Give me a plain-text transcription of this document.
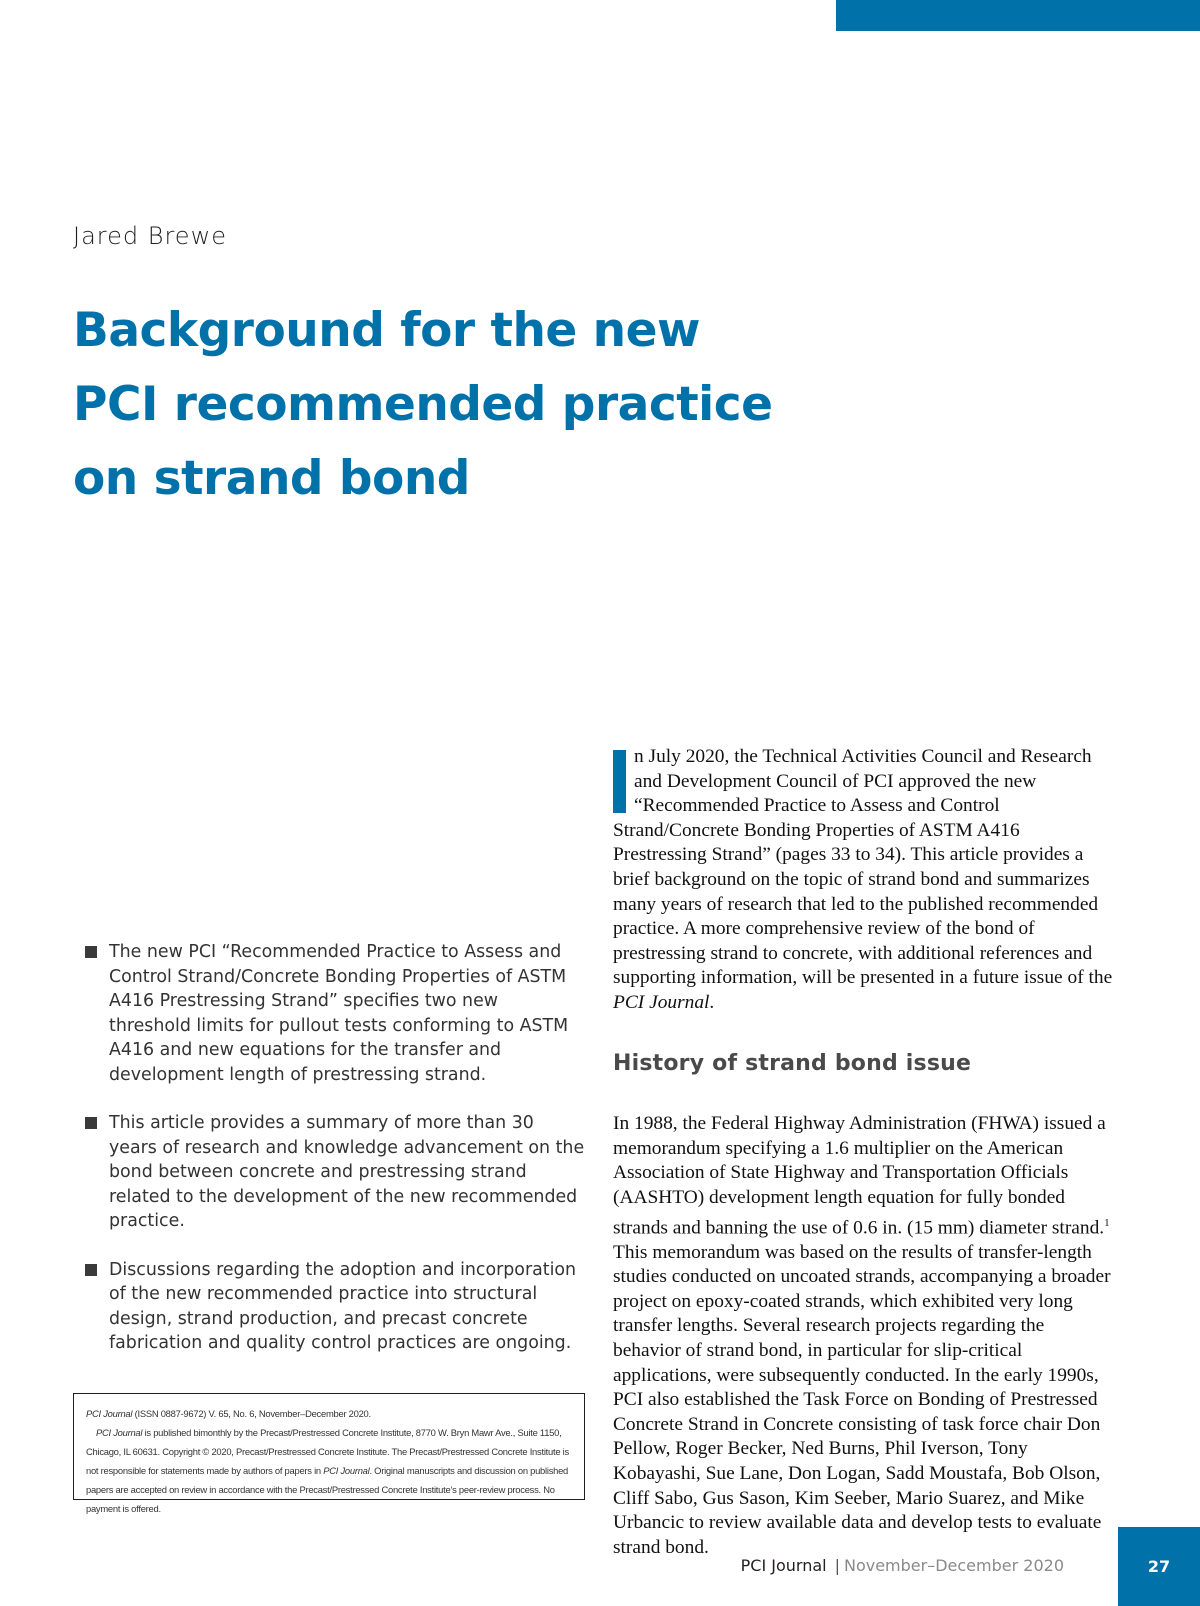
Jared Brewe
Background for the new
PCI recommended practice
on strand bond
The new PCI “Recommended Practice to Assess and Control Strand/Concrete Bonding Properties of ASTM A416 Prestressing Strand” specifies two new threshold limits for pullout tests conforming to ASTM A416 and new equations for the transfer and development length of prestressing strand.
This article provides a summary of more than 30 years of research and knowledge advancement on the bond between concrete and prestressing strand related to the development of the new recommended practice.
Discussions regarding the adoption and incorporation of the new recommended practice into structural design, strand production, and precast concrete fabrication and quality control practices are ongoing.

PCI Journal (ISSN 0887-9672) V. 65, No. 6, November–December 2020.

PCI Journal is published bimonthly by the Precast/Prestressed Concrete Institute, 8770 W. Bryn Mawr Ave., Suite 1150, Chicago, IL 60631. Copyright © 2020, Precast/Prestressed Concrete Institute. The Precast/Prestressed Concrete Institute is not responsible for statements made by authors of papers in PCI Journal. Original manuscripts and discussion on published papers are accepted on review in accordance with the Precast/Prestressed Concrete Institute’s peer-review process. No payment is offered.

n July 2020, the Technical Activities Council and Research and Development Council of PCI approved the new “Recommended Practice to Assess and Control Strand/Concrete Bonding Properties of ASTM A416 Prestressing Strand” (pages 33 to 34). This article provides a brief background on the topic of strand bond and summarizes many years of research that led to the published recommended practice. A more comprehensive review of the bond of prestressing strand to concrete, with additional references and supporting information, will be presented in a future issue of the PCI Journal.

History of strand bond issue

In 1988, the Federal Highway Administration (FHWA) issued a memorandum specifying a 1.6 multiplier on the American Association of State Highway and Transportation Officials (AASHTO) development length equation for fully bonded strands and banning the use of 0.6 in. (15 mm) diameter strand.$^1$ This memorandum was based on the results of transfer-length studies conducted on uncoated strands, accompanying a broader project on epoxy-coated strands, which exhibited very long transfer lengths. Several research projects regarding the behavior of strand bond, in particular for slip-critical applications, were subsequently conducted. In the early 1990s, PCI also established the Task Force on Bonding of Prestressed Concrete Strand in Concrete consisting of task force chair Don Pellow, Roger Becker, Ned Burns, Phil Iverson, Tony Kobayashi, Sue Lane, Don Logan, Sadd Moustafa, Bob Olson, Cliff Sabo, Gus Sason, Kim Seeber, Mario Suarez, and Mike Urbancic to review available data and develop tests to evaluate strand bond.

PCI Journal | November–December 2020	27
